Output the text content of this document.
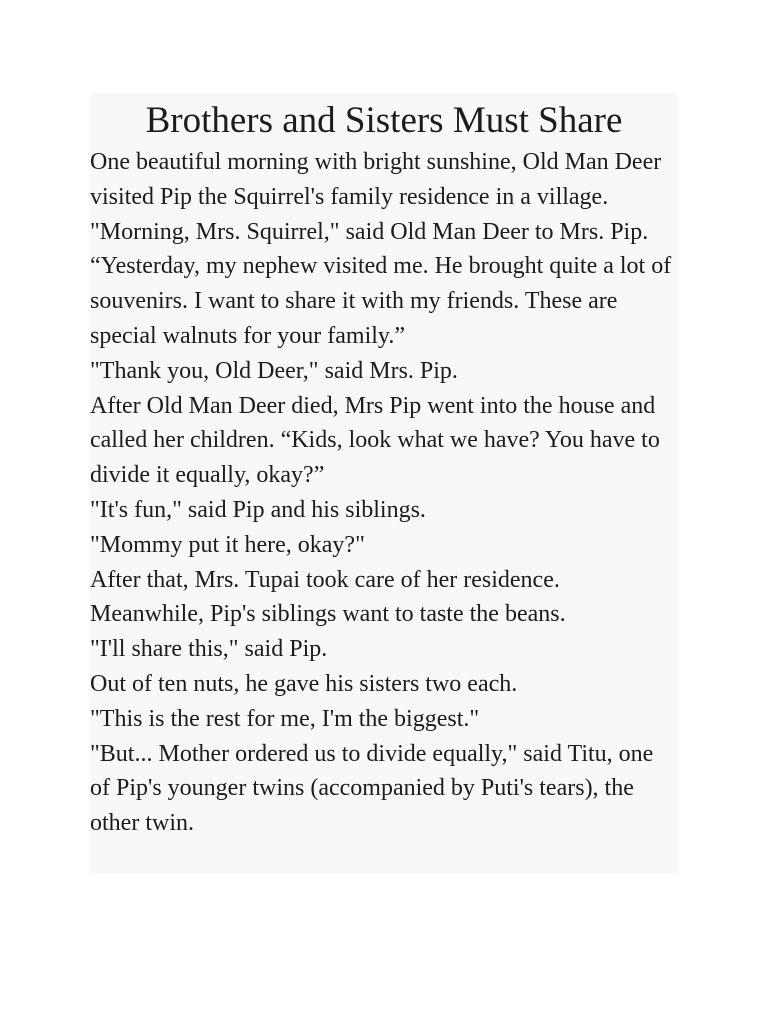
Brothers and Sisters Must Share

One beautiful morning with bright sunshine, Old Man Deer visited Pip the Squirrel's family residence in a village.

"Morning, Mrs. Squirrel," said Old Man Deer to Mrs. Pip. “Yesterday, my nephew visited me. He brought quite a lot of souvenirs. I want to share it with my friends. These are special walnuts for your family.”

"Thank you, Old Deer," said Mrs. Pip.

After Old Man Deer died, Mrs Pip went into the house and called her children. “Kids, look what we have? You have to divide it equally, okay?”

"It's fun," said Pip and his siblings.

"Mommy put it here, okay?"

After that, Mrs. Tupai took care of her residence.

Meanwhile, Pip's siblings want to taste the beans.

"I'll share this," said Pip.

Out of ten nuts, he gave his sisters two each.

"This is the rest for me, I'm the biggest."

"But... Mother ordered us to divide equally," said Titu, one of Pip's younger twins (accompanied by Puti's tears), the other twin.
